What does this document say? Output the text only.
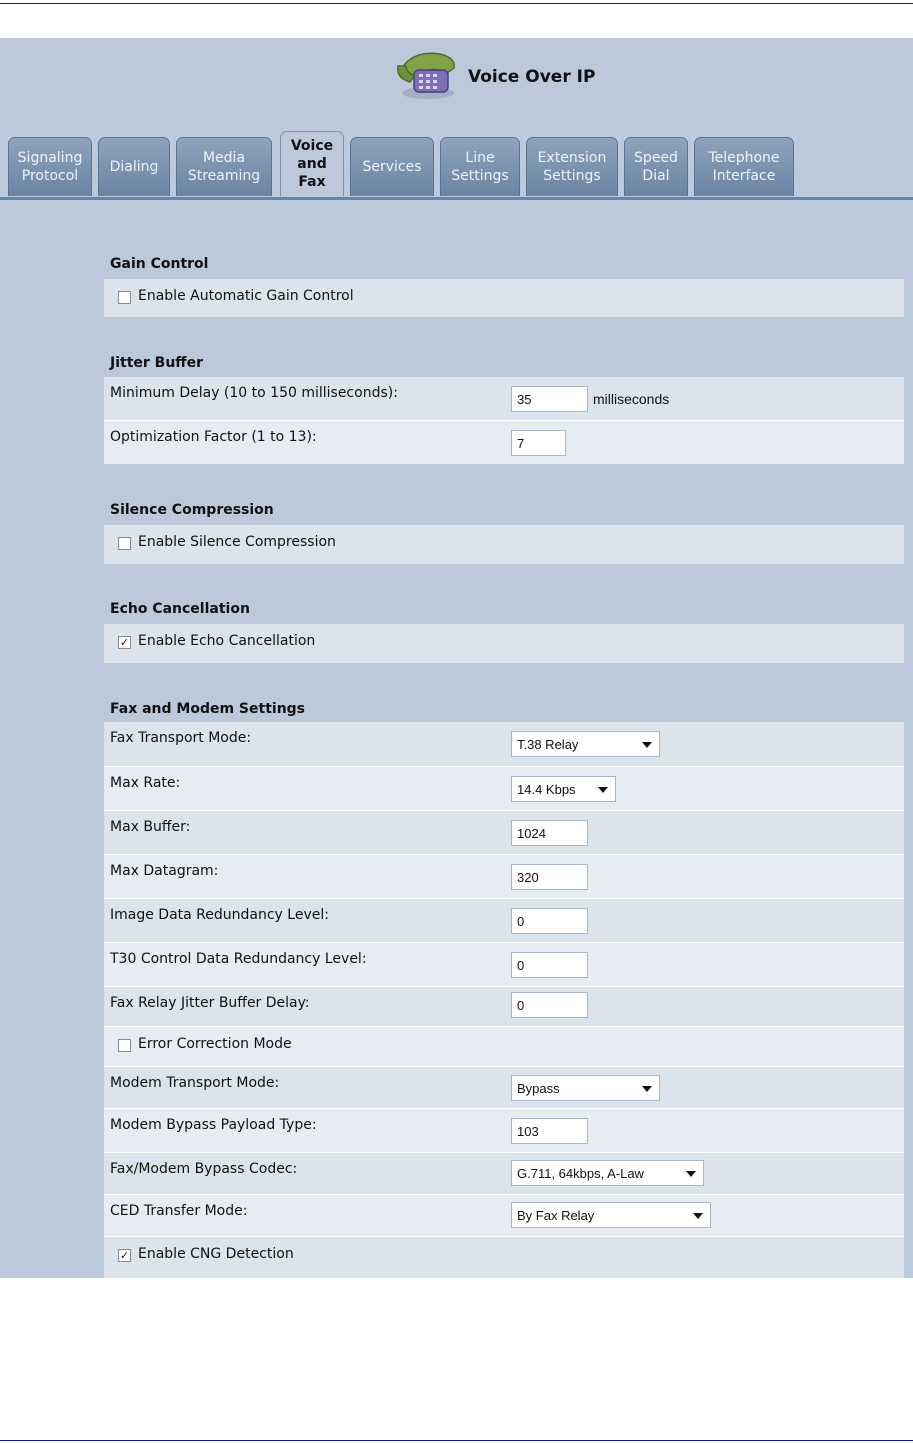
Voice Over IP
Signaling
Protocol
Dialing
Media
Streaming
Voice
and
Fax
Services
Line
Settings
Extension
Settings
Speed
Dial
Telephone
Interface
Gain Control
Enable Automatic Gain Control
Jitter Buffer
Minimum Delay (10 to 150 milliseconds):	35	milliseconds
Optimization Factor (1 to 13):	7
Silence Compression
Enable Silence Compression
Echo Cancellation
✓ Enable Echo Cancellation
Fax and Modem Settings
Fax Transport Mode:	T.38 Relay
Max Rate:	14.4 Kbps
Max Buffer:	1024
Max Datagram:	320
Image Data Redundancy Level:	0
T30 Control Data Redundancy Level:	0
Fax Relay Jitter Buffer Delay:	0
Error Correction Mode
Modem Transport Mode:	Bypass
Modem Bypass Payload Type:	103
Fax/Modem Bypass Codec:	G.711, 64kbps, A-Law
CED Transfer Mode:	By Fax Relay
✓ Enable CNG Detection
